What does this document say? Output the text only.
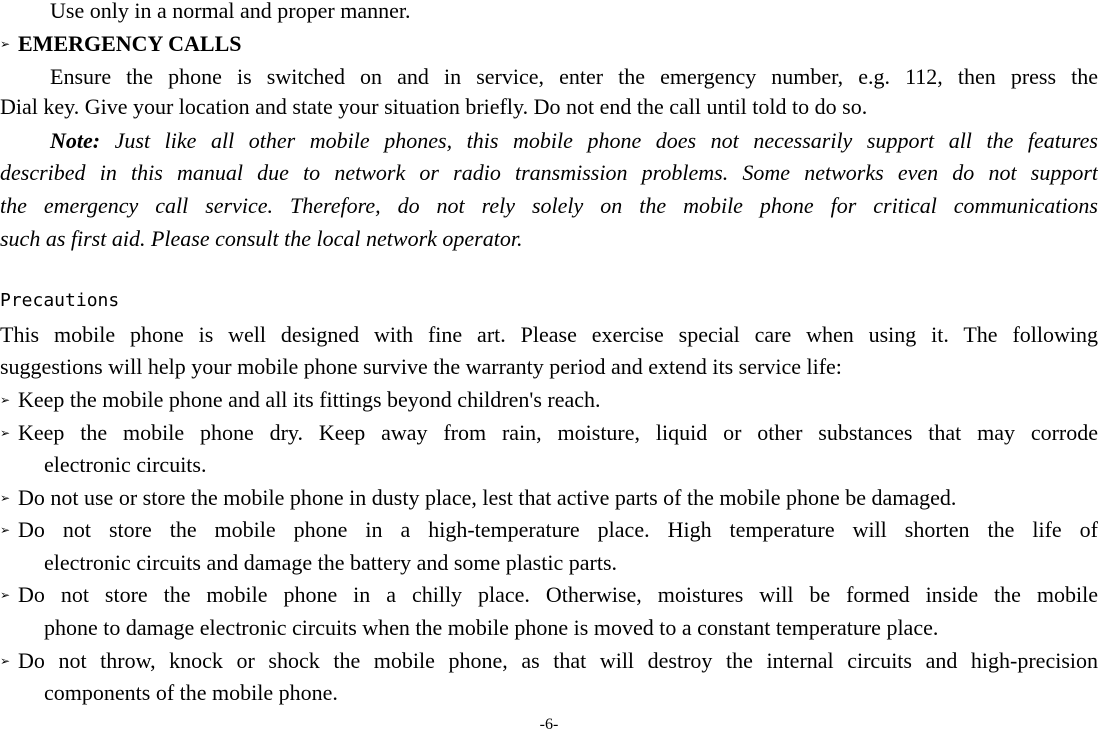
Use only in a normal and proper manner.
➢ EMERGENCY CALLS
Ensure the phone is switched on and in service, enter the emergency number, e.g. 112, then press the
Dial key. Give your location and state your situation briefly. Do not end the call until told to do so.
Note: Just like all other mobile phones, this mobile phone does not necessarily support all the features
described in this manual due to network or radio transmission problems. Some networks even do not support
the emergency call service. Therefore, do not rely solely on the mobile phone for critical communications
such as first aid. Please consult the local network operator.
Precautions
This mobile phone is well designed with fine art. Please exercise special care when using it. The following
suggestions will help your mobile phone survive the warranty period and extend its service life:
➢ Keep the mobile phone and all its fittings beyond children's reach.
➢ Keep the mobile phone dry. Keep away from rain, moisture, liquid or other substances that may corrode
electronic circuits.
➢ Do not use or store the mobile phone in dusty place, lest that active parts of the mobile phone be damaged.
➢ Do not store the mobile phone in a high-temperature place. High temperature will shorten the life of
electronic circuits and damage the battery and some plastic parts.
➢ Do not store the mobile phone in a chilly place. Otherwise, moistures will be formed inside the mobile
phone to damage electronic circuits when the mobile phone is moved to a constant temperature place.
➢ Do not throw, knock or shock the mobile phone, as that will destroy the internal circuits and high-precision
components of the mobile phone.
-6-
